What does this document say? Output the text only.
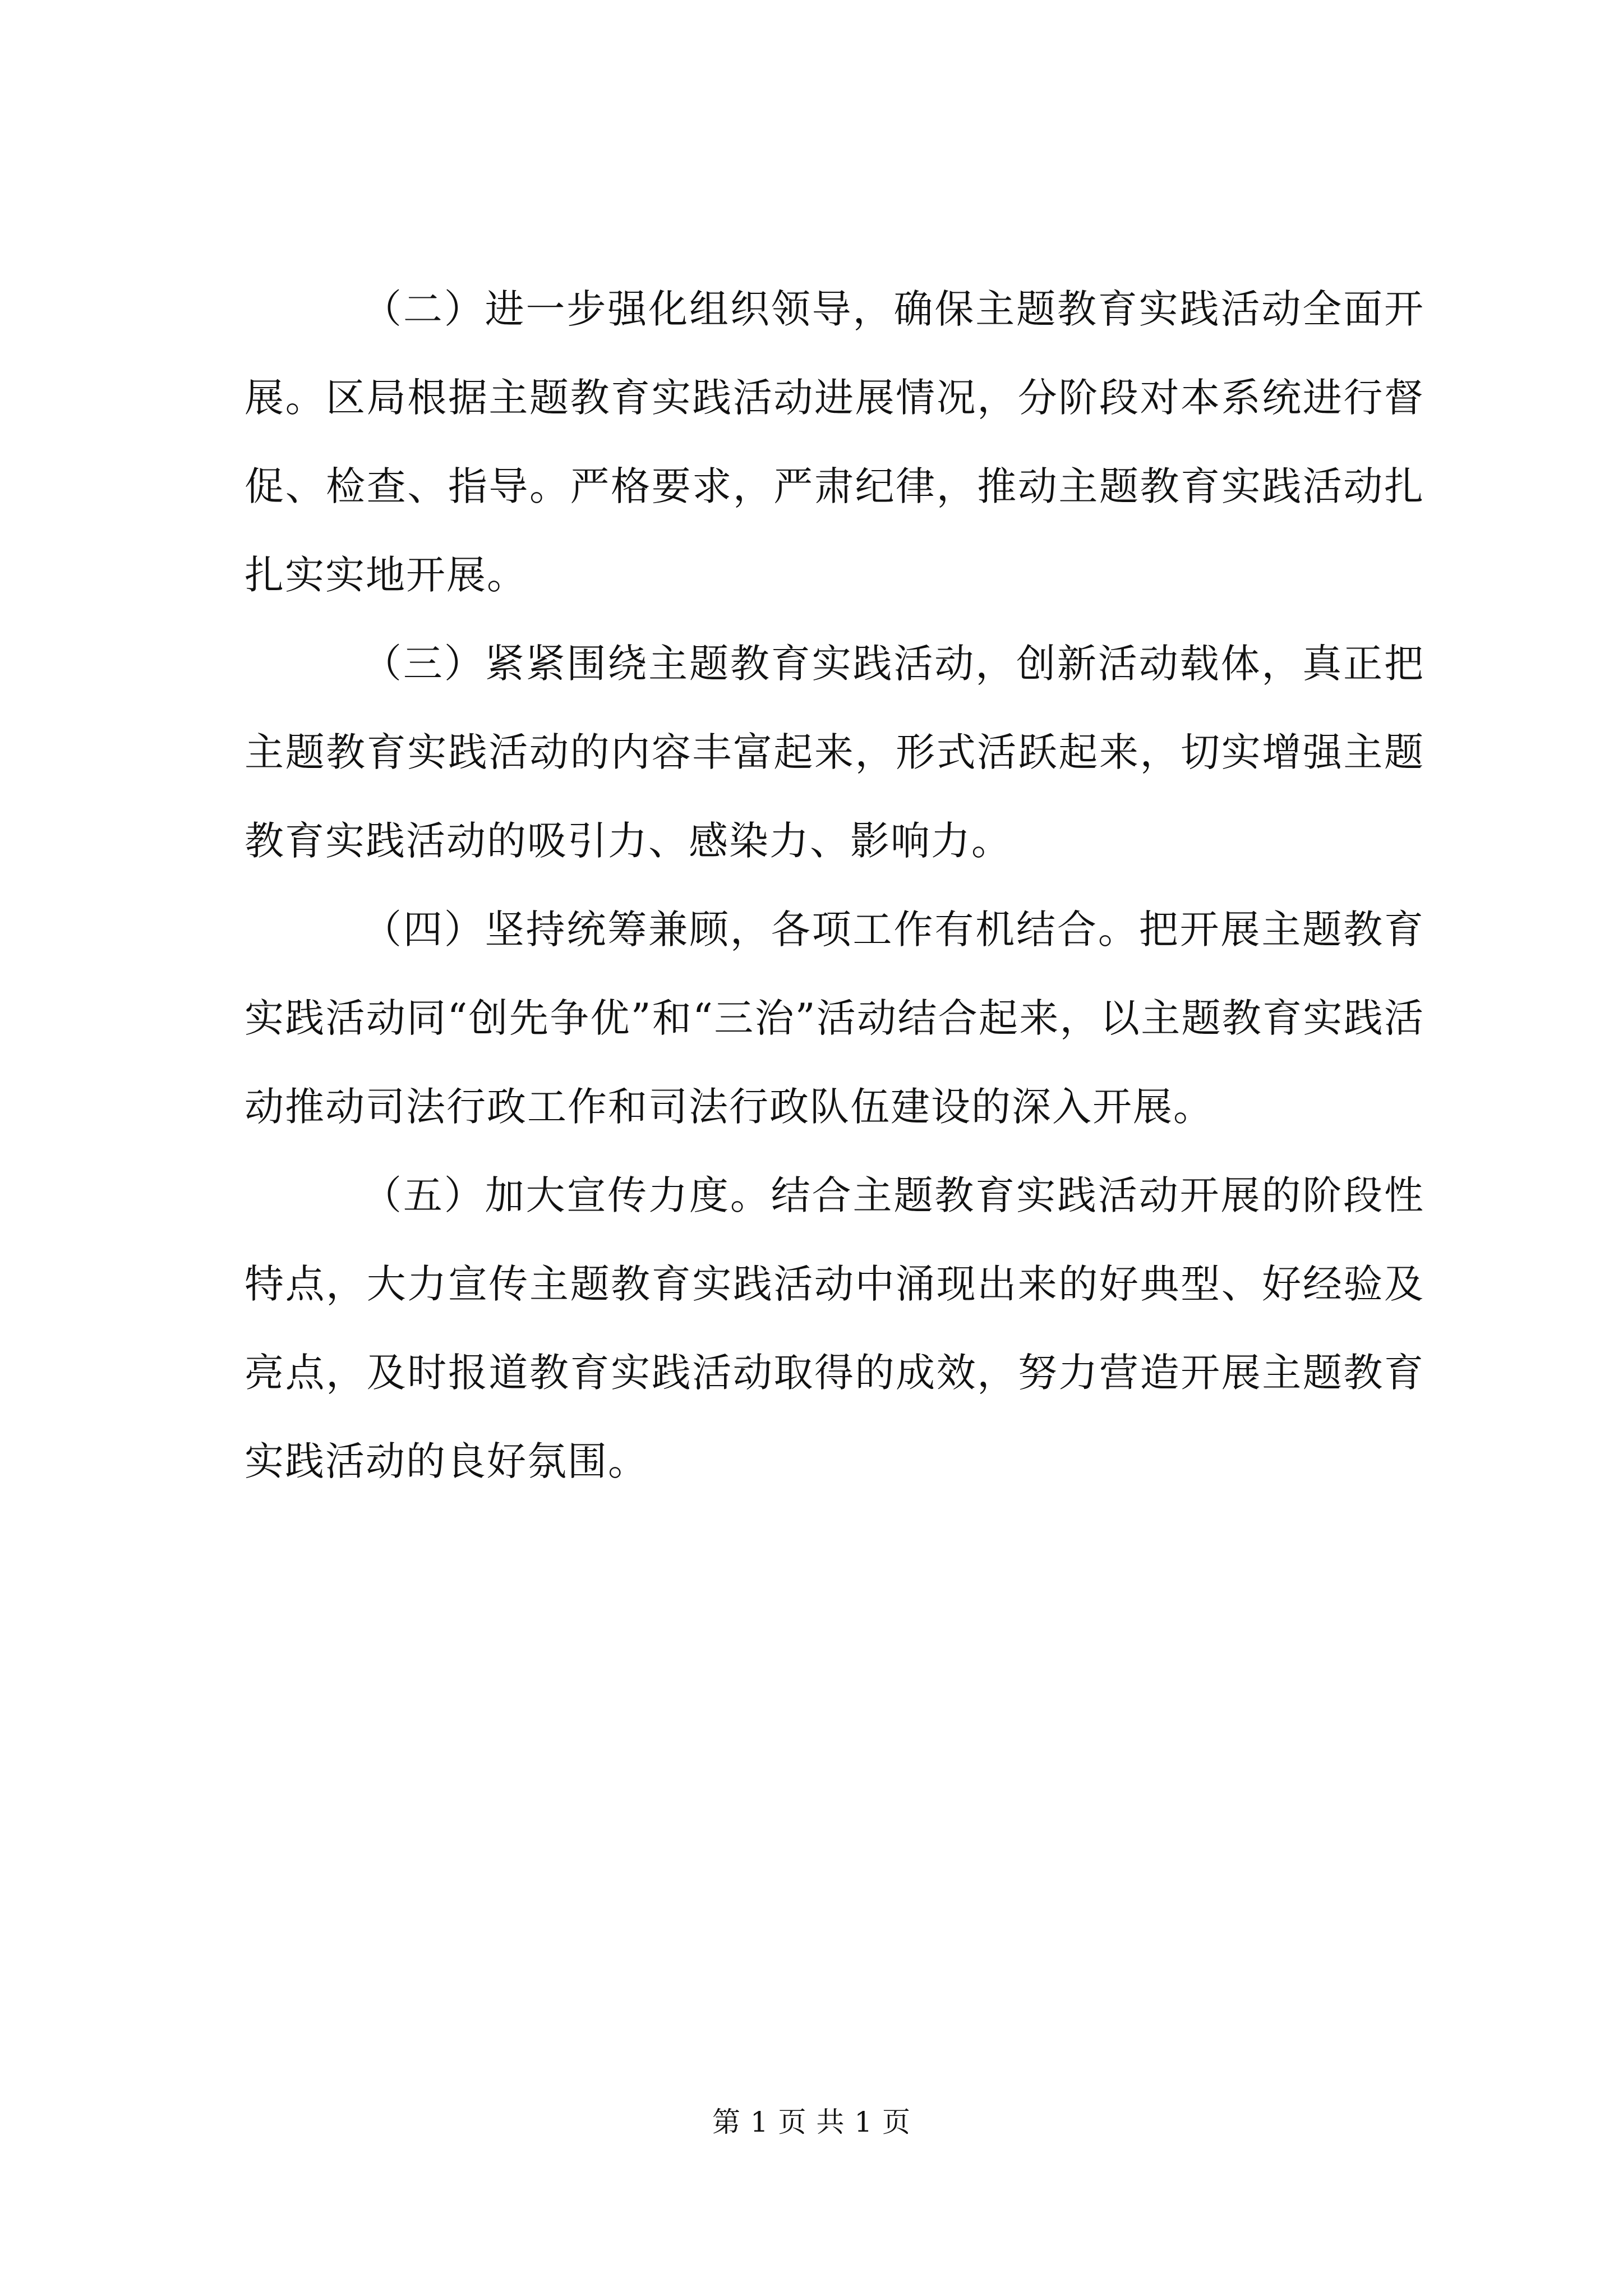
（二）进一步强化组织领导，确保主题教育实践活动全面开展。区局根据主题教育实践活动进展情况，分阶段对本系统进行督促、检查、指导。严格要求，严肃纪律，推动主题教育实践活动扎扎实实地开展。

（三）紧紧围绕主题教育实践活动，创新活动载体，真正把主题教育实践活动的内容丰富起来，形式活跃起来，切实增强主题教育实践活动的吸引力、感染力、影响力。

（四）坚持统筹兼顾，各项工作有机结合。把开展主题教育实践活动同“创先争优”和“三治”活动结合起来，以主题教育实践活动推动司法行政工作和司法行政队伍建设的深入开展。

（五）加大宣传力度。结合主题教育实践活动开展的阶段性特点，大力宣传主题教育实践活动中涌现出来的好典型、好经验及亮点，及时报道教育实践活动取得的成效，努力营造开展主题教育实践活动的良好氛围。

第 1 页 共 1 页
